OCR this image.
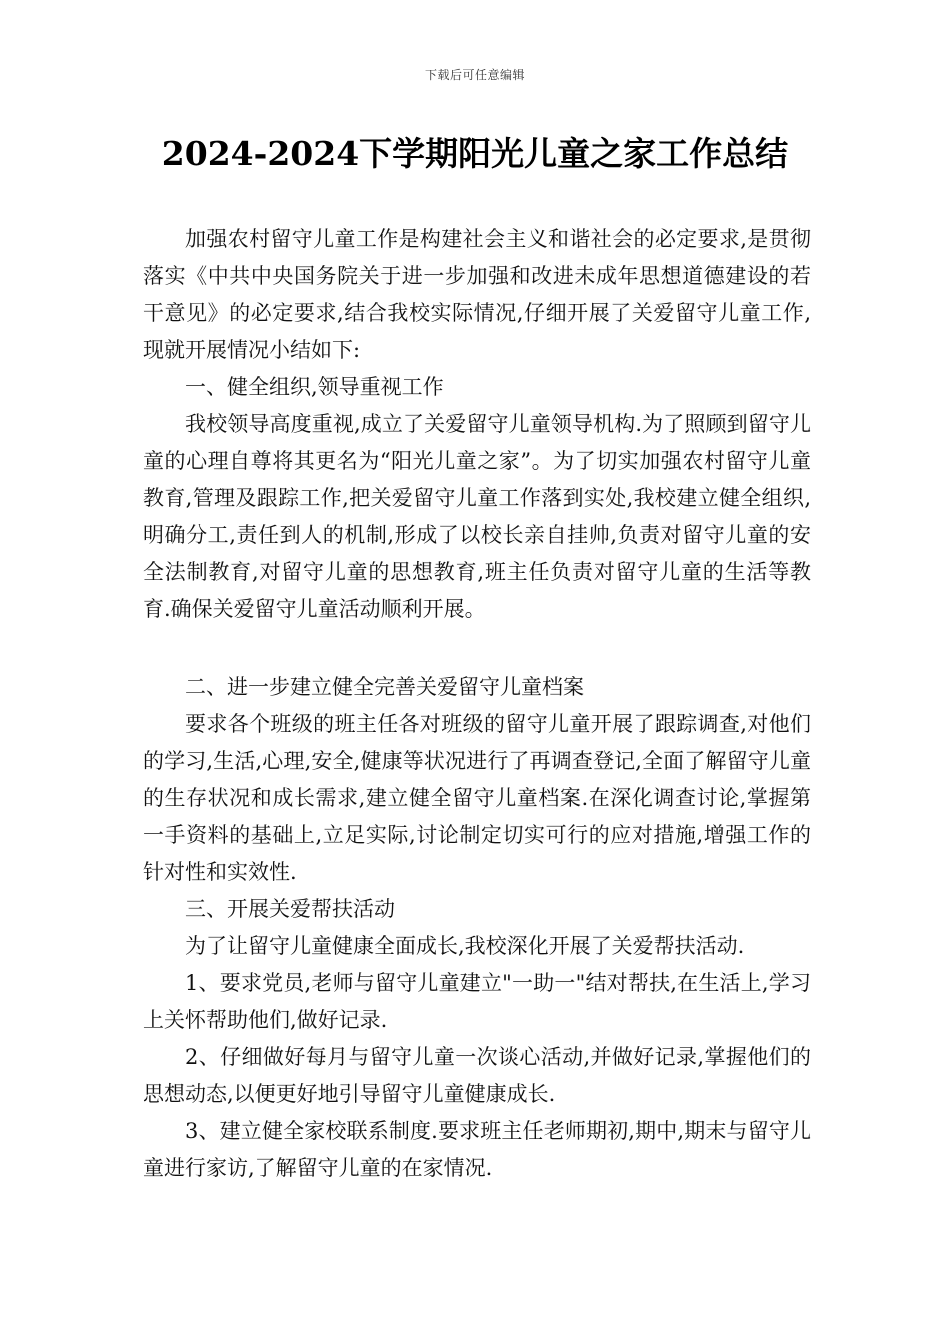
下载后可任意编辑
2024-2024下学期阳光儿童之家工作总结

加强农村留守儿童工作是构建社会主义和谐社会的必定要求,是贯彻落实《中共中央国务院关于进一步加强和改进未成年思想道德建设的若干意见》的必定要求,结合我校实际情况,仔细开展了关爱留守儿童工作,现就开展情况小结如下:

一、健全组织,领导重视工作

我校领导高度重视,成立了关爱留守儿童领导机构.为了照顾到留守儿童的心理自尊将其更名为“阳光儿童之家”。为了切实加强农村留守儿童教育,管理及跟踪工作,把关爱留守儿童工作落到实处,我校建立健全组织,明确分工,责任到人的机制,形成了以校长亲自挂帅,负责对留守儿童的安全法制教育,对留守儿童的思想教育,班主任负责对留守儿童的生活等教育.确保关爱留守儿童活动顺利开展。

二、进一步建立健全完善关爱留守儿童档案

要求各个班级的班主任各对班级的留守儿童开展了跟踪调查,对他们的学习,生活,心理,安全,健康等状况进行了再调查登记,全面了解留守儿童的生存状况和成长需求,建立健全留守儿童档案.在深化调查讨论,掌握第一手资料的基础上,立足实际,讨论制定切实可行的应对措施,增强工作的针对性和实效性.

三、开展关爱帮扶活动

为了让留守儿童健康全面成长,我校深化开展了关爱帮扶活动.

1、要求党员,老师与留守儿童建立"一助一"结对帮扶,在生活上,学习上关怀帮助他们,做好记录.

2、仔细做好每月与留守儿童一次谈心活动,并做好记录,掌握他们的思想动态,以便更好地引导留守儿童健康成长.

3、建立健全家校联系制度.要求班主任老师期初,期中,期末与留守儿童进行家访,了解留守儿童的在家情况.
